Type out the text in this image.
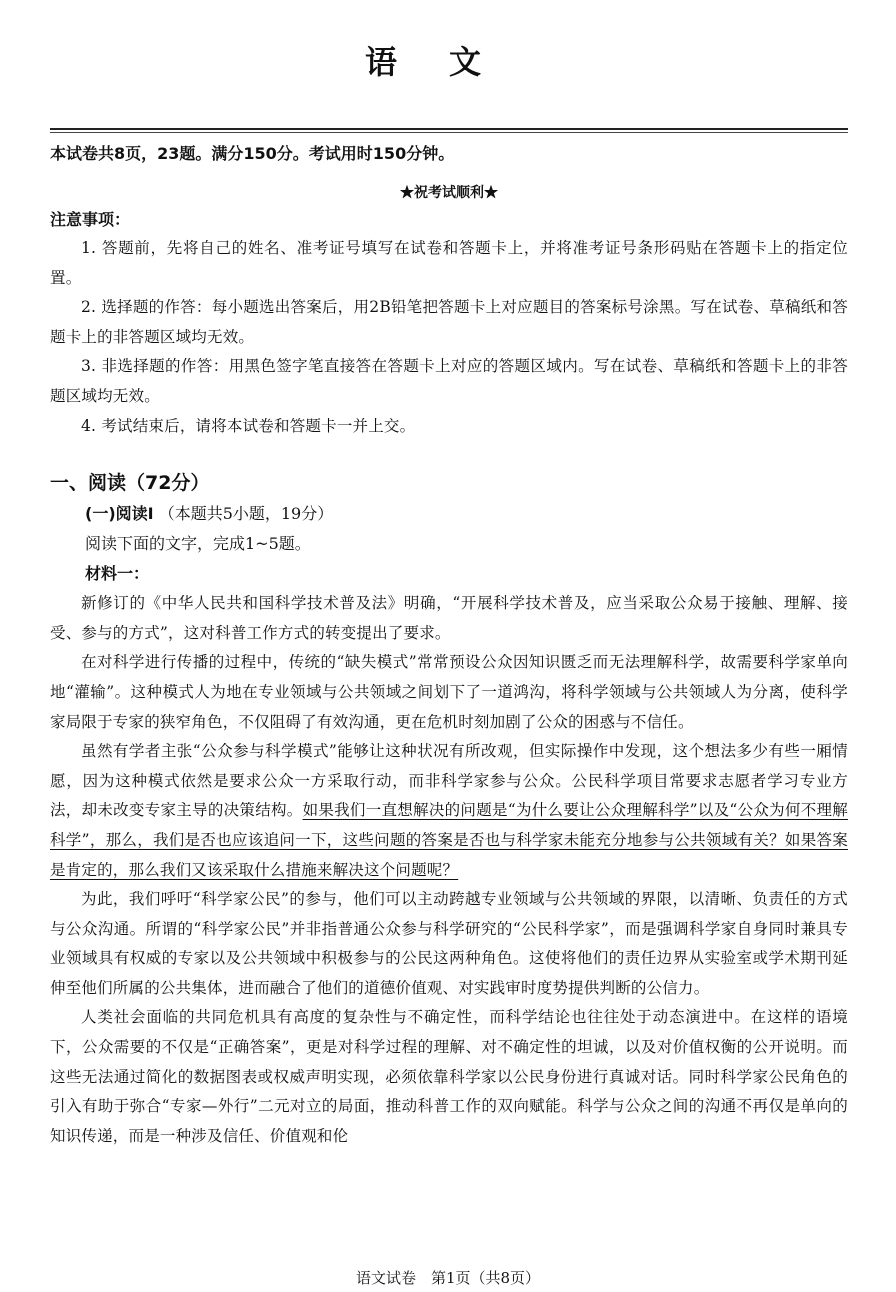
语文
本试卷共8页，23题。满分150分。考试用时150分钟。
★祝考试顺利★
注意事项：

1. 答题前，先将自己的姓名、准考证号填写在试卷和答题卡上，并将准考证号条形码贴在答题卡上的指定位置。

2. 选择题的作答：每小题选出答案后，用2B铅笔把答题卡上对应题目的答案标号涂黑。写在试卷、草稿纸和答题卡上的非答题区域均无效。

3. 非选择题的作答：用黑色签字笔直接答在答题卡上对应的答题区域内。写在试卷、草稿纸和答题卡上的非答题区域均无效。

4. 考试结束后，请将本试卷和答题卡一并上交。

一、阅读（72分）
(一)阅读Ⅰ （本题共5小题，19分）
阅读下面的文字，完成1~5题。
材料一：

新修订的《中华人民共和国科学技术普及法》明确，“开展科学技术普及，应当采取公众易于接触、理解、接受、参与的方式”，这对科普工作方式的转变提出了要求。

在对科学进行传播的过程中，传统的“缺失模式”常常预设公众因知识匮乏而无法理解科学，故需要科学家单向地“灌输”。这种模式人为地在专业领域与公共领域之间划下了一道鸿沟，将科学领域与公共领域人为分离，使科学家局限于专家的狭窄角色，不仅阻碍了有效沟通，更在危机时刻加剧了公众的困惑与不信任。

虽然有学者主张“公众参与科学模式”能够让这种状况有所改观，但实际操作中发现，这个想法多少有些一厢情愿，因为这种模式依然是要求公众一方采取行动，而非科学家参与公众。公民科学项目常要求志愿者学习专业方法，却未改变专家主导的决策结构。如果我们一直想解决的问题是“为什么要让公众理解科学”以及“公众为何不理解科学”，那么，我们是否也应该追问一下，这些问题的答案是否也与科学家未能充分地参与公共领域有关？如果答案是肯定的，那么我们又该采取什么措施来解决这个问题呢？

为此，我们呼吁“科学家公民”的参与，他们可以主动跨越专业领域与公共领域的界限，以清晰、负责任的方式与公众沟通。所谓的“科学家公民”并非指普通公众参与科学研究的“公民科学家”，而是强调科学家自身同时兼具专业领域具有权威的专家以及公共领域中积极参与的公民这两种角色。这使将他们的责任边界从实验室或学术期刊延伸至他们所属的公共集体，进而融合了他们的道德价值观、对实践审时度势提供判断的公信力。

人类社会面临的共同危机具有高度的复杂性与不确定性，而科学结论也往往处于动态演进中。在这样的语境下，公众需要的不仅是“正确答案”，更是对科学过程的理解、对不确定性的坦诚，以及对价值权衡的公开说明。而这些无法通过简化的数据图表或权威声明实现，必须依靠科学家以公民身份进行真诚对话。同时科学家公民角色的引入有助于弥合“专家—外行”二元对立的局面，推动科普工作的双向赋能。科学与公众之间的沟通不再仅是单向的知识传递，而是一种涉及信任、价值观和伦

语文试卷　第1页（共8页）
